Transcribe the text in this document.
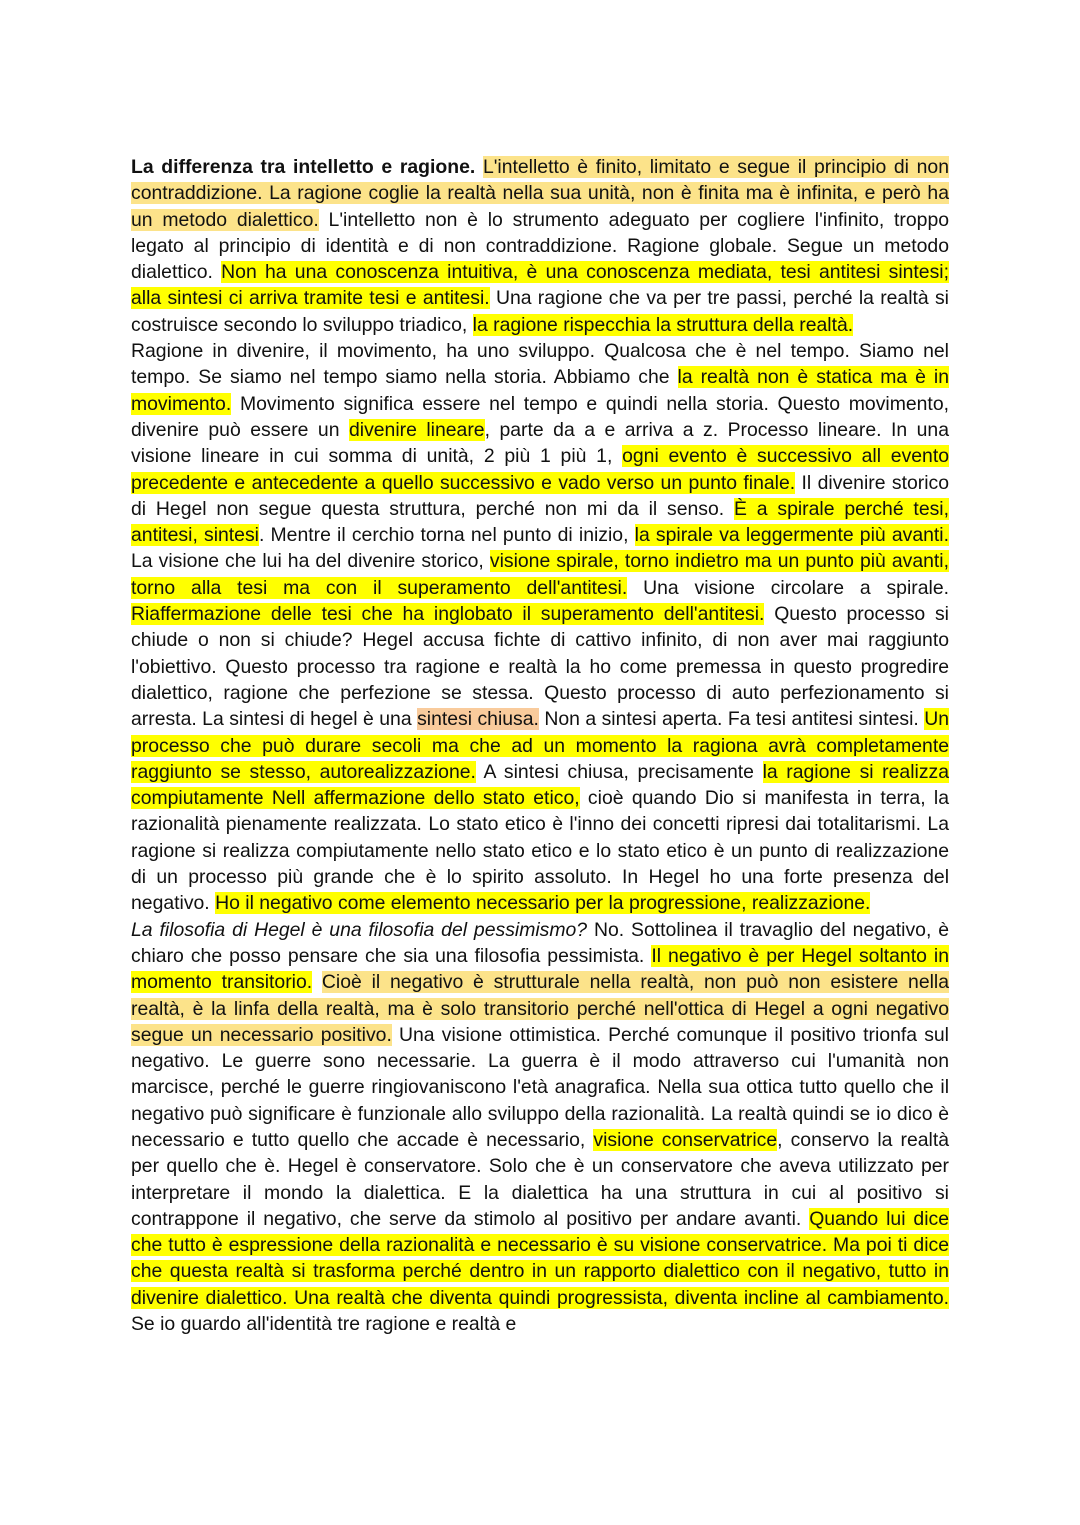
La differenza tra intelletto e ragione. L'intelletto è finito, limitato e segue il principio di non contraddizione. La ragione coglie la realtà nella sua unità, non è finita ma è infinita, e però ha un metodo dialettico. L'intelletto non è lo strumento adeguato per cogliere l'infinito, troppo legato al principio di identità e di non contraddizione. Ragione globale. Segue un metodo dialettico. Non ha una conoscenza intuitiva, è una conoscenza mediata, tesi antitesi sintesi; alla sintesi ci arriva tramite tesi e antitesi. Una ragione che va per tre passi, perché la realtà si costruisce secondo lo sviluppo triadico, la ragione rispecchia la struttura della realtà.

Ragione in divenire, il movimento, ha uno sviluppo. Qualcosa che è nel tempo. Siamo nel tempo. Se siamo nel tempo siamo nella storia. Abbiamo che la realtà non è statica ma è in movimento. Movimento significa essere nel tempo e quindi nella storia. Questo movimento, divenire può essere un divenire lineare, parte da a e arriva a z. Processo lineare. In una visione lineare in cui somma di unità, 2 più 1 più 1, ogni evento è successivo all evento precedente e antecedente a quello successivo e vado verso un punto finale. Il divenire storico di Hegel non segue questa struttura, perché non mi da il senso. È a spirale perché tesi, antitesi, sintesi. Mentre il cerchio torna nel punto di inizio, la spirale va leggermente più avanti. La visione che lui ha del divenire storico, visione spirale, torno indietro ma un punto più avanti, torno alla tesi ma con il superamento dell'antitesi. Una visione circolare a spirale. Riaffermazione delle tesi che ha inglobato il superamento dell'antitesi. Questo processo si chiude o non si chiude? Hegel accusa fichte di cattivo infinito, di non aver mai raggiunto l'obiettivo. Questo processo tra ragione e realtà la ho come premessa in questo progredire dialettico, ragione che perfezione se stessa. Questo processo di auto perfezionamento si arresta. La sintesi di hegel è una sintesi chiusa. Non a sintesi aperta. Fa tesi antitesi sintesi. Un processo che può durare secoli ma che ad un momento la ragiona avrà completamente raggiunto se stesso, autorealizzazione. A sintesi chiusa, precisamente la ragione si realizza compiutamente Nell affermazione dello stato etico, cioè quando Dio si manifesta in terra, la razionalità pienamente realizzata. Lo stato etico è l'inno dei concetti ripresi dai totalitarismi. La ragione si realizza compiutamente nello stato etico e lo stato etico è un punto di realizzazione di un processo più grande che è lo spirito assoluto. In Hegel ho una forte presenza del negativo. Ho il negativo come elemento necessario per la progressione, realizzazione.

La filosofia di Hegel è una filosofia del pessimismo? No. Sottolinea il travaglio del negativo, è chiaro che posso pensare che sia una filosofia pessimista. Il negativo è per Hegel soltanto in momento transitorio. Cioè il negativo è strutturale nella realtà, non può non esistere nella realtà, è la linfa della realtà, ma è solo transitorio perché nell'ottica di Hegel a ogni negativo segue un necessario positivo. Una visione ottimistica. Perché comunque il positivo trionfa sul negativo. Le guerre sono necessarie. La guerra è il modo attraverso cui l'umanità non marcisce, perché le guerre ringiovaniscono l'età anagrafica. Nella sua ottica tutto quello che il negativo può significare è funzionale allo sviluppo della razionalità. La realtà quindi se io dico è necessario e tutto quello che accade è necessario, visione conservatrice, conservo la realtà per quello che è. Hegel è conservatore. Solo che è un conservatore che aveva utilizzato per interpretare il mondo la dialettica. E la dialettica ha una struttura in cui al positivo si contrappone il negativo, che serve da stimolo al positivo per andare avanti. Quando lui dice che tutto è espressione della razionalità e necessario è su visione conservatrice. Ma poi ti dice che questa realtà si trasforma perché dentro in un rapporto dialettico con il negativo, tutto in divenire dialettico. Una realtà che diventa quindi progressista, diventa incline al cambiamento. Se io guardo all'identità tre ragione e realtà e
